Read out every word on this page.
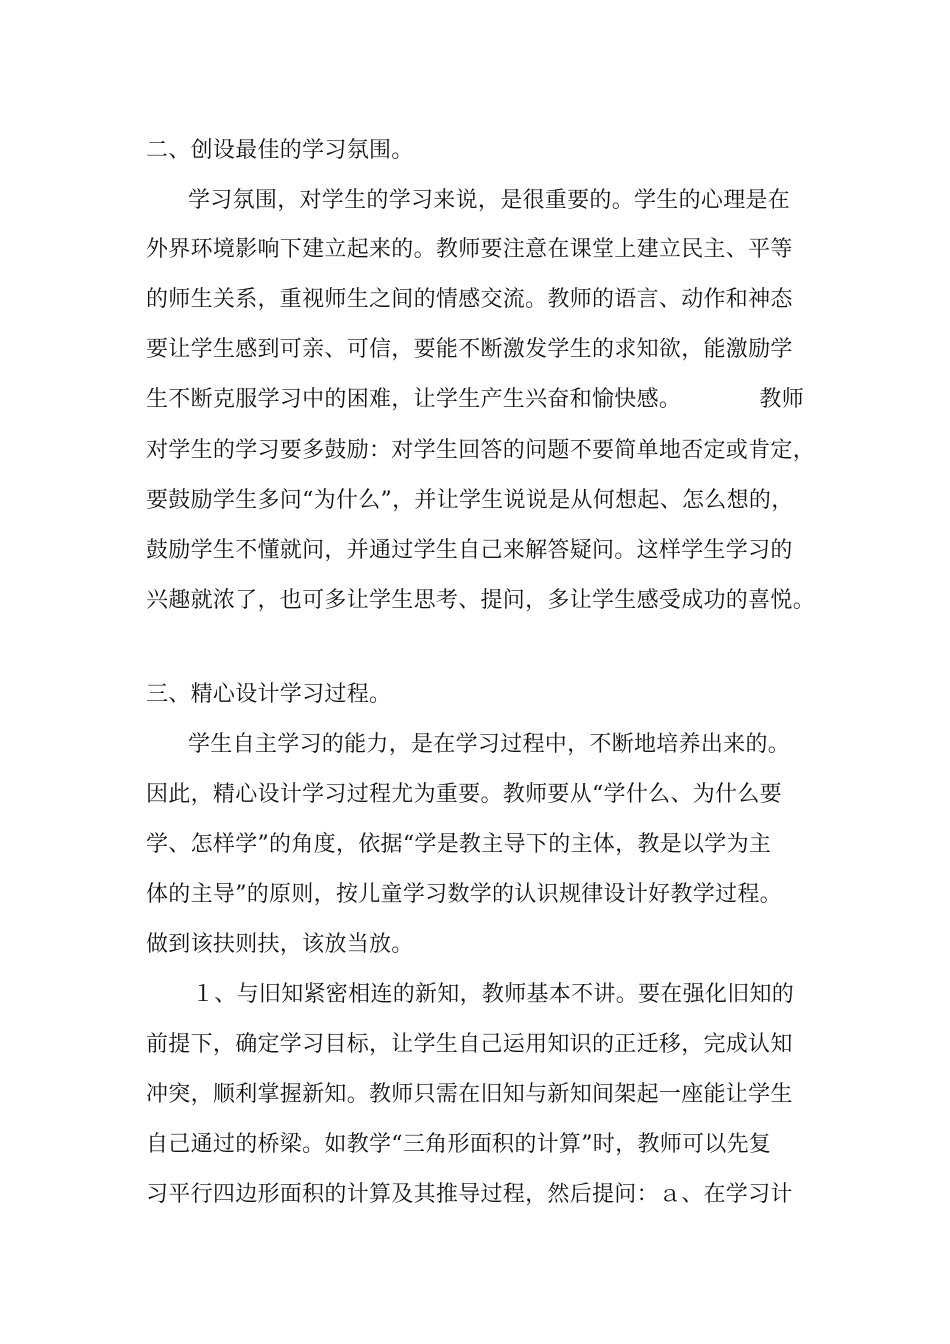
二、创设最佳的学习氛围。
学习氛围，对学生的学习来说，是很重要的。学生的心理是在
外界环境影响下建立起来的。教师要注意在课堂上建立民主、平等
的师生关系，重视师生之间的情感交流。教师的语言、动作和神态
要让学生感到可亲、可信，要能不断激发学生的求知欲，能激励学
生不断克服学习中的困难，让学生产生兴奋和愉快感。　　　　教师
对学生的学习要多鼓励：对学生回答的问题不要简单地否定或肯定，
要鼓励学生多问“为什么”，并让学生说说是从何想起、怎么想的，
鼓励学生不懂就问，并通过学生自己来解答疑问。这样学生学习的
兴趣就浓了，也可多让学生思考、提问，多让学生感受成功的喜悦。
三、精心设计学习过程。
学生自主学习的能力，是在学习过程中，不断地培养出来的。
因此，精心设计学习过程尤为重要。教师要从“学什么、为什么要
学、怎样学”的角度，依据“学是教主导下的主体，教是以学为主
体的主导”的原则，按儿童学习数学的认识规律设计好教学过程。
做到该扶则扶，该放当放。
１、与旧知紧密相连的新知，教师基本不讲。要在强化旧知的
前提下，确定学习目标，让学生自己运用知识的正迁移，完成认知
冲突，顺利掌握新知。教师只需在旧知与新知间架起一座能让学生
自己通过的桥梁。如教学“三角形面积的计算”时，教师可以先复
习平行四边形面积的计算及其推导过程，然后提问：ａ、在学习计
